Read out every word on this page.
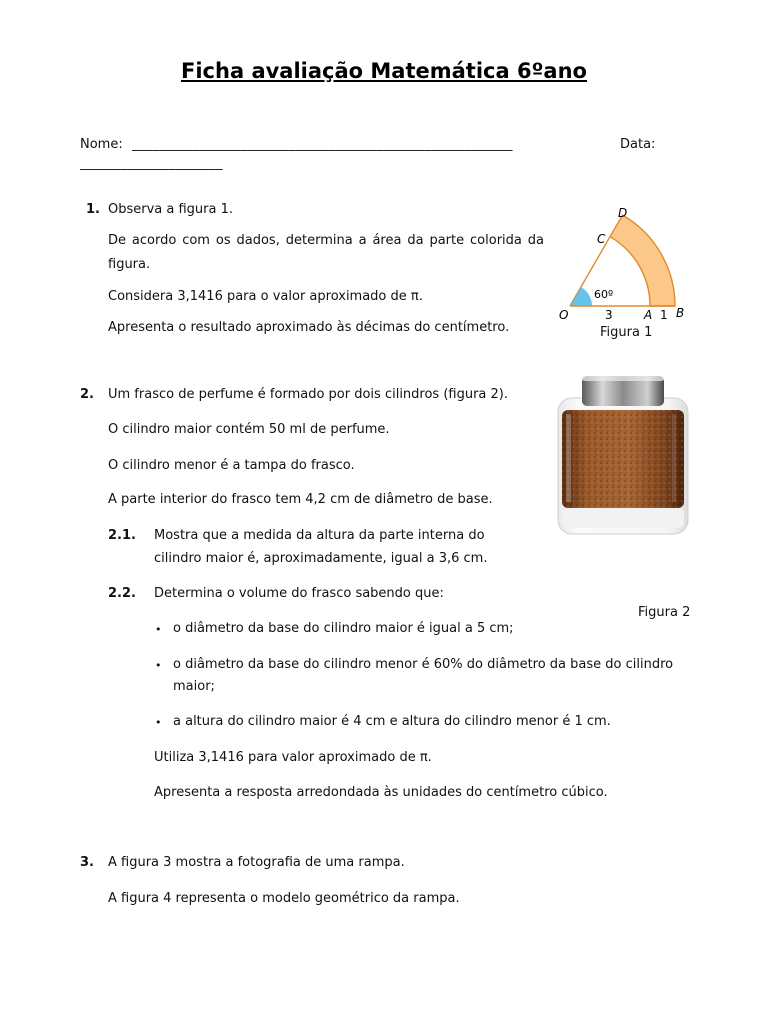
Ficha avaliação Matemática 6ºano
Nome: ________________________________________________________	Data:
_____________________
1. Observa a figura 1.
De acordo com os dados, determina a área da parte colorida da
figura.
Considera 3,1416 para o valor aproximado de π.
Apresenta o resultado aproximado às décimas do centímetro.
D
C
60º
O	3	A 1 B
Figura 1
2. Um frasco de perfume é formado por dois cilindros (figura 2).
O cilindro maior contém 50 ml de perfume.
O cilindro menor é a tampa do frasco.
A parte interior do frasco tem 4,2 cm de diâmetro de base.
2.1. Mostra que a medida da altura da parte interna do
cilindro maior é, aproximadamente, igual a 3,6 cm.
2.2. Determina o volume do frasco sabendo que:
• o diâmetro da base do cilindro maior é igual a 5 cm;
• o diâmetro da base do cilindro menor é 60% do diâmetro da base do cilindro
maior;
• a altura do cilindro maior é 4 cm e altura do cilindro menor é 1 cm.
Utiliza 3,1416 para valor aproximado de π.
Apresenta a resposta arredondada às unidades do centímetro cúbico.
Figura 2
3. A figura 3 mostra a fotografia de uma rampa.
A figura 4 representa o modelo geométrico da rampa.
